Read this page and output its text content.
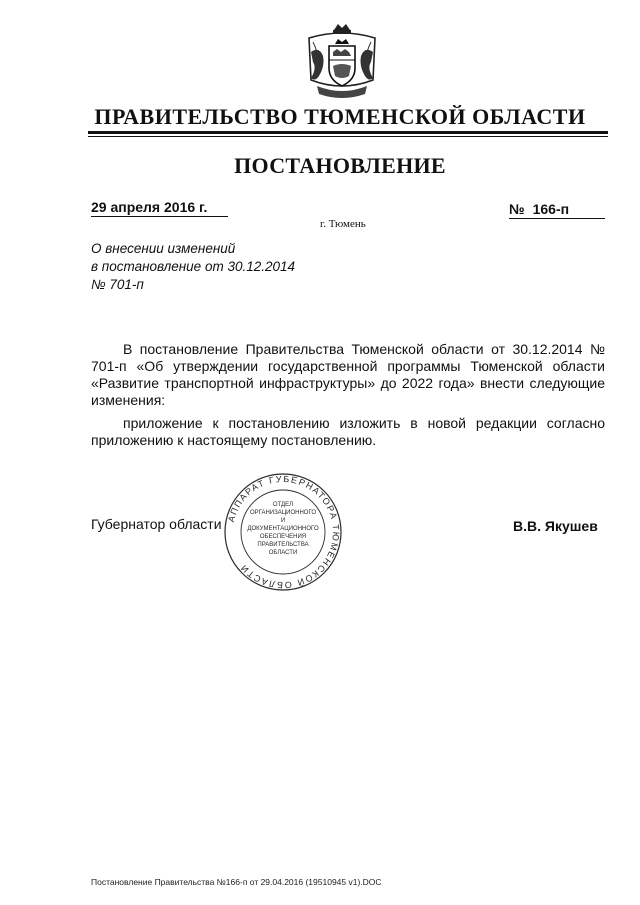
ПРАВИТЕЛЬСТВО ТЮМЕНСКОЙ ОБЛАСТИ
ПОСТАНОВЛЕНИЕ
29 апреля 2016 г.	№ 166-п
г. Тюмень
О внесении изменений
в постановление от 30.12.2014
№ 701-п

В постановление Правительства Тюменской области от 30.12.2014 № 701-п «Об утверждении государственной программы Тюменской области «Развитие транспортной инфраструктуры» до 2022 года» внести следующие изменения:

приложение к постановлению изложить в новой редакции согласно приложению к настоящему постановлению.

Губернатор области	В.В. Якушев
АППАРАТ ГУБЕРНАТОРА ТЮМЕНСКОЙ ОБЛАСТИ
ОТДЕЛ
ОРГАНИЗАЦИОННОГО
И
ДОКУМЕНТАЦИОННОГО
ОБЕСПЕЧЕНИЯ
ПРАВИТЕЛЬСТВА
ОБЛАСТИ
Постановление Правительства №166-п от 29.04.2016 (19510945 v1).DOC
